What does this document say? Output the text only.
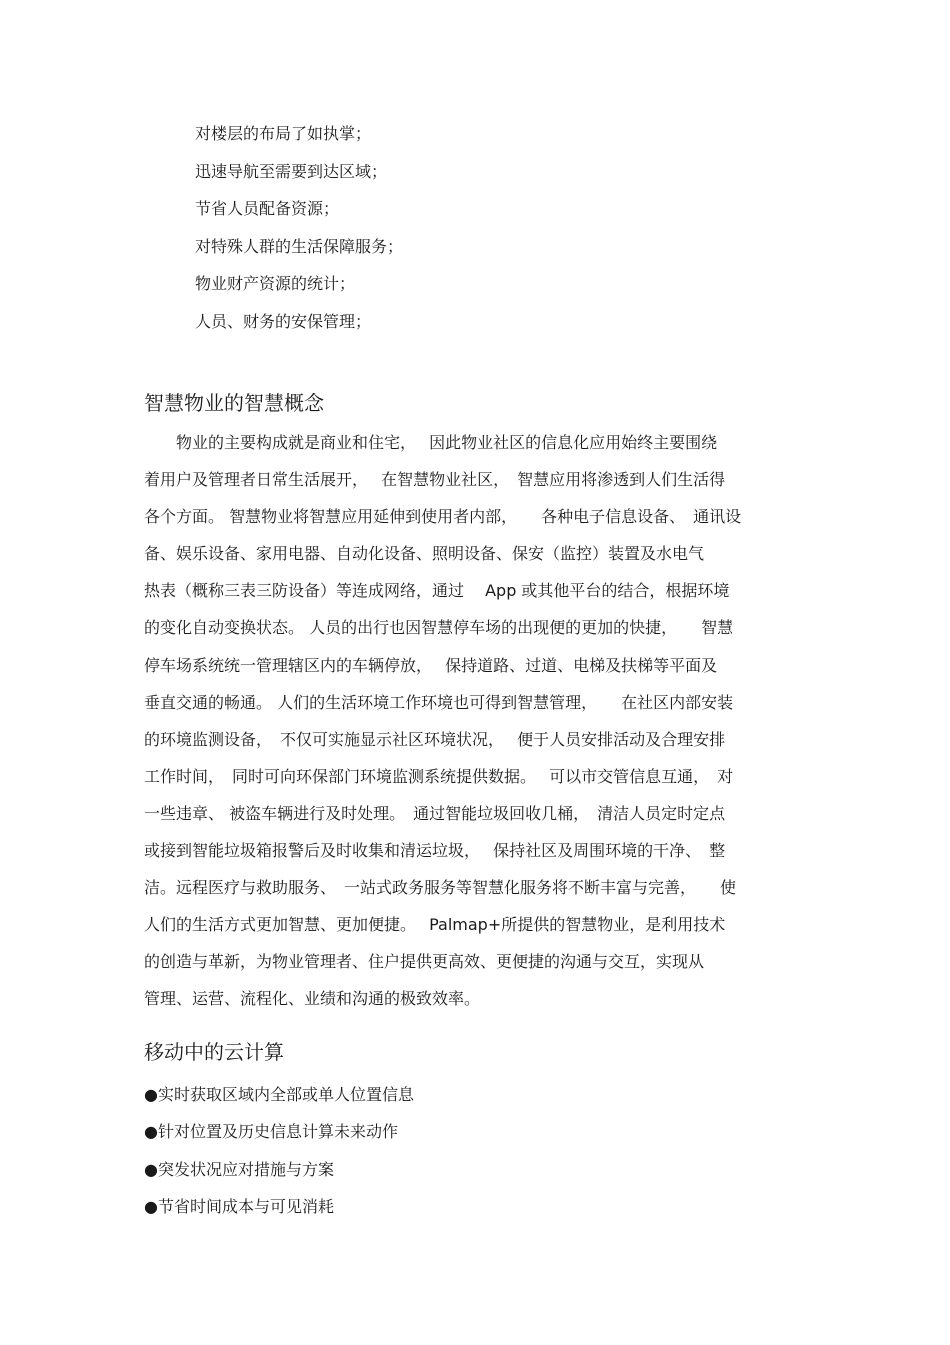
对楼层的布局了如执掌；
迅速导航至需要到达区域；
节省人员配备资源；
对特殊人群的生活保障服务；
物业财产资源的统计；
人员、财务的安保管理；
智慧物业的智慧概念
　　物业的主要构成就是商业和住宅，　 因此物业社区的信息化应用始终主要围绕
着用户及管理者日常生活展开，　 在智慧物业社区，　智慧应用将渗透到人们生活得
各个方面。 智慧物业将智慧应用延伸到使用者内部，　　各种电子信息设备、　通讯设
备、娱乐设备、家用电器、自动化设备、照明设备、保安（监控）装置及水电气
热表（概称三表三防设备）等连成网络，通过　 App 或其他平台的结合，根据环境
的变化自动变换状态。 人员的出行也因智慧停车场的出现便的更加的快捷，　　智慧
停车场系统统一管理辖区内的车辆停放，　 保持道路、过道、电梯及扶梯等平面及
垂直交通的畅通。 人们的生活环境工作环境也可得到智慧管理，　　在社区内部安装
的环境监测设备，　不仅可实施显示社区环境状况，　 便于人员安排活动及合理安排
工作时间，　同时可向环保部门环境监测系统提供数据。　 可以市交管信息互通，　对
一些违章、 被盗车辆进行及时处理。　通过智能垃圾回收几桶，　清洁人员定时定点
或接到智能垃圾箱报警后及时收集和清运垃圾，　 保持社区及周围环境的干净、　整
洁。远程医疗与救助服务、　一站式政务服务等智慧化服务将不断丰富与完善，　　使
人们的生活方式更加智慧、更加便捷。　 Palmap+所提供的智慧物业，是利用技术
的创造与革新，为物业管理者、住户提供更高效、更便捷的沟通与交互，实现从
管理、运营、流程化、业绩和沟通的极致效率。
移动中的云计算
●实时获取区域内全部或单人位置信息
●针对位置及历史信息计算未来动作
●突发状况应对措施与方案
●节省时间成本与可见消耗
